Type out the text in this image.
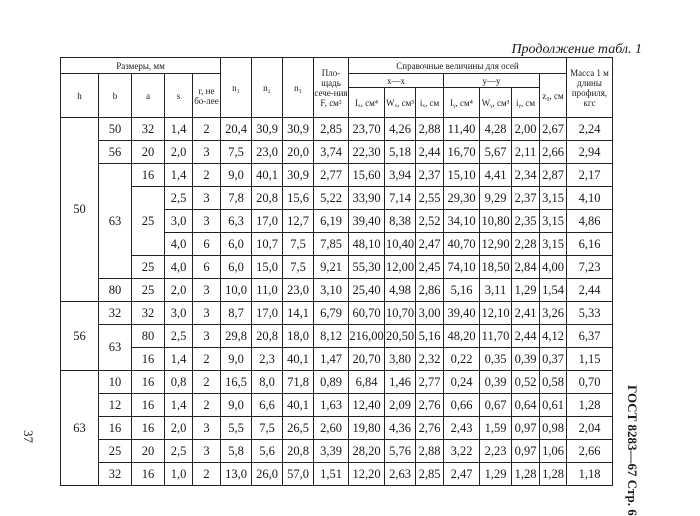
Продолжение табл. 1
Размеры, мм					n₁	n₂	n₃	Пло-щадь сече-ния F, см²	Справочные величины для осей							Масса 1 м длины профиля, кгс
h	b	a	s	r, не бо-лее					x—x			y—y			z₀, см	
									Iₓ, см⁴	Wₓ, см³	iₓ, см	Iᵧ, см⁴	Wᵧ, см³	iᵧ, см		
50	50	32	1,4	2	20,4	30,9	30,9	2,85	23,70	4,26	2,88	11,40	4,28	2,00	2,67	2,24
	56	20	2,0	3	7,5	23,0	20,0	3,74	22,30	5,18	2,44	16,70	5,67	2,11	2,66	2,94
	63	16	1,4	2	9,0	40,1	30,9	2,77	15,60	3,94	2,37	15,10	4,41	2,34	2,87	2,17
		25	2,5	3	7,8	20,8	15,6	5,22	33,90	7,14	2,55	29,30	9,29	2,37	3,15	4,10
			3,0	3	6,3	17,0	12,7	6,19	39,40	8,38	2,52	34,10	10,80	2,35	3,15	4,86
			4,0	6	6,0	10,7	7,5	7,85	48,10	10,40	2,47	40,70	12,90	2,28	3,15	6,16
		25	4,0	6	6,0	15,0	7,5	9,21	55,30	12,00	2,45	74,10	18,50	2,84	4,00	7,23
	80	25	2,0	3	10,0	11,0	23,0	3,10	25,40	4,98	2,86	5,16	3,11	1,29	1,54	2,44
56	32	32	3,0	3	8,7	17,0	14,1	6,79	60,70	10,70	3,00	39,40	12,10	2,41	3,26	5,33
	63	80	2,5	3	29,8	20,8	18,0	8,12	216,00	20,50	5,16	48,20	11,70	2,44	4,12	6,37
		16	1,4	2	9,0	2,3	40,1	1,47	20,70	3,80	2,32	0,22	0,35	0,39	0,37	1,15
63	10	16	0,8	2	16,5	8,0	71,8	0,89	6,84	1,46	2,77	0,24	0,39	0,52	0,58	0,70
	12	16	1,4	2	9,0	6,6	40,1	1,63	12,40	2,09	2,76	0,66	0,67	0,64	0,61	1,28
	16	16	2,0	3	5,5	7,5	26,5	2,60	19,80	4,36	2,76	2,43	1,59	0,97	0,98	2,04
	25	20	2,5	3	5,8	5,6	20,8	3,39	28,20	5,76	2,88	3,22	2,23	0,97	1,06	2,66
	32	16	1,0	2	13,0	26,0	57,0	1,51	12,20	2,63	2,85	2,47	1,29	1,28	1,28	1,18 ГОСТ 8283—67 Стр. 6
37
